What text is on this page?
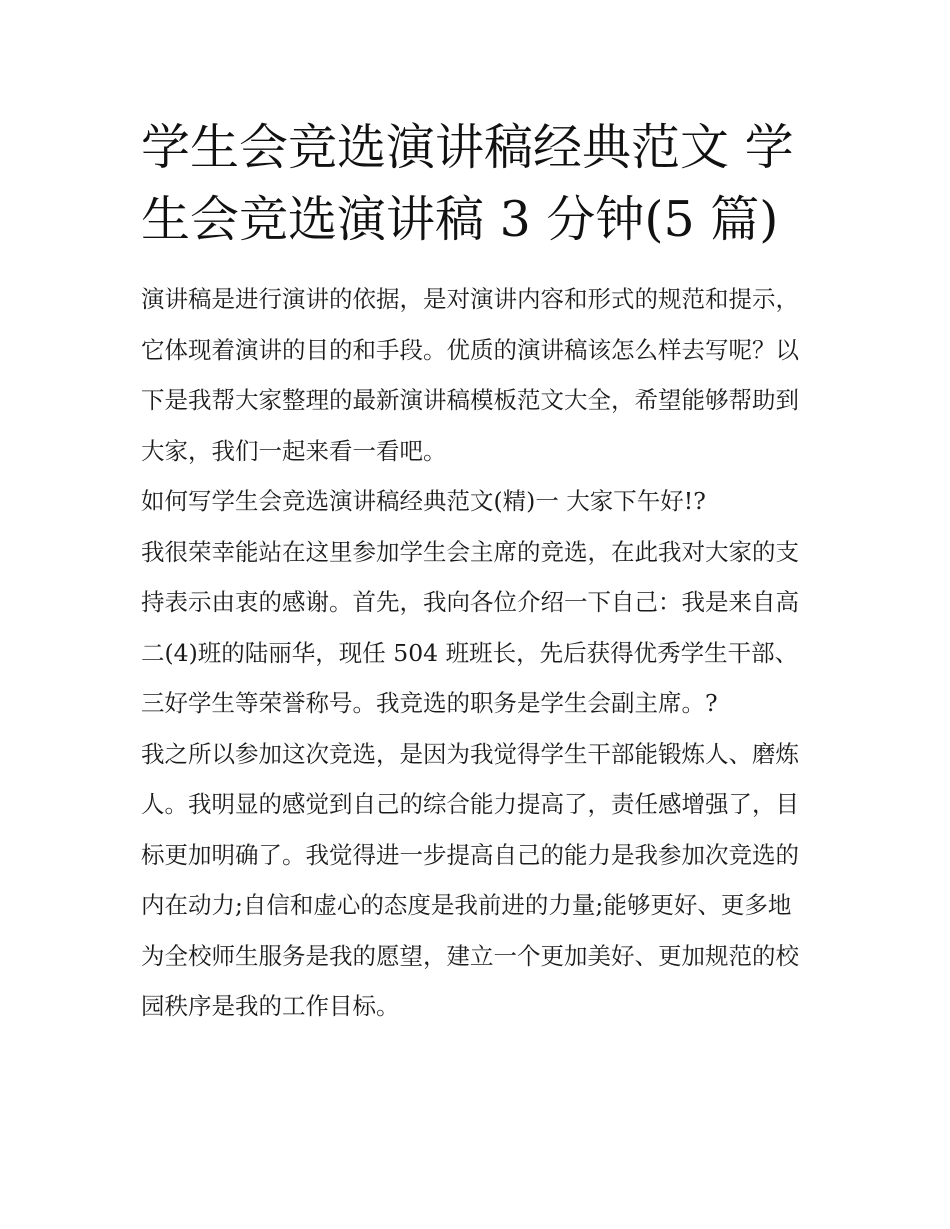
学生会竞选演讲稿经典范文 学生会竞选演讲稿 3 分钟(5 篇)

演讲稿是进行演讲的依据，是对演讲内容和形式的规范和提示，它体现着演讲的目的和手段。优质的演讲稿该怎么样去写呢？以下是我帮大家整理的最新演讲稿模板范文大全，希望能够帮助到大家，我们一起来看一看吧。

如何写学生会竞选演讲稿经典范文(精)一 大家下午好!?

我很荣幸能站在这里参加学生会主席的竞选，在此我对大家的支持表示由衷的感谢。首先，我向各位介绍一下自己：我是来自高二(4)班的陆丽华，现任 504 班班长，先后获得优秀学生干部、三好学生等荣誉称号。我竞选的职务是学生会副主席。?

我之所以参加这次竞选，是因为我觉得学生干部能锻炼人、磨炼人。我明显的感觉到自己的综合能力提高了，责任感增强了，目标更加明确了。我觉得进一步提高自己的能力是我参加次竞选的内在动力;自信和虚心的态度是我前进的力量;能够更好、更多地为全校师生服务是我的愿望，建立一个更加美好、更加规范的校园秩序是我的工作目标。
